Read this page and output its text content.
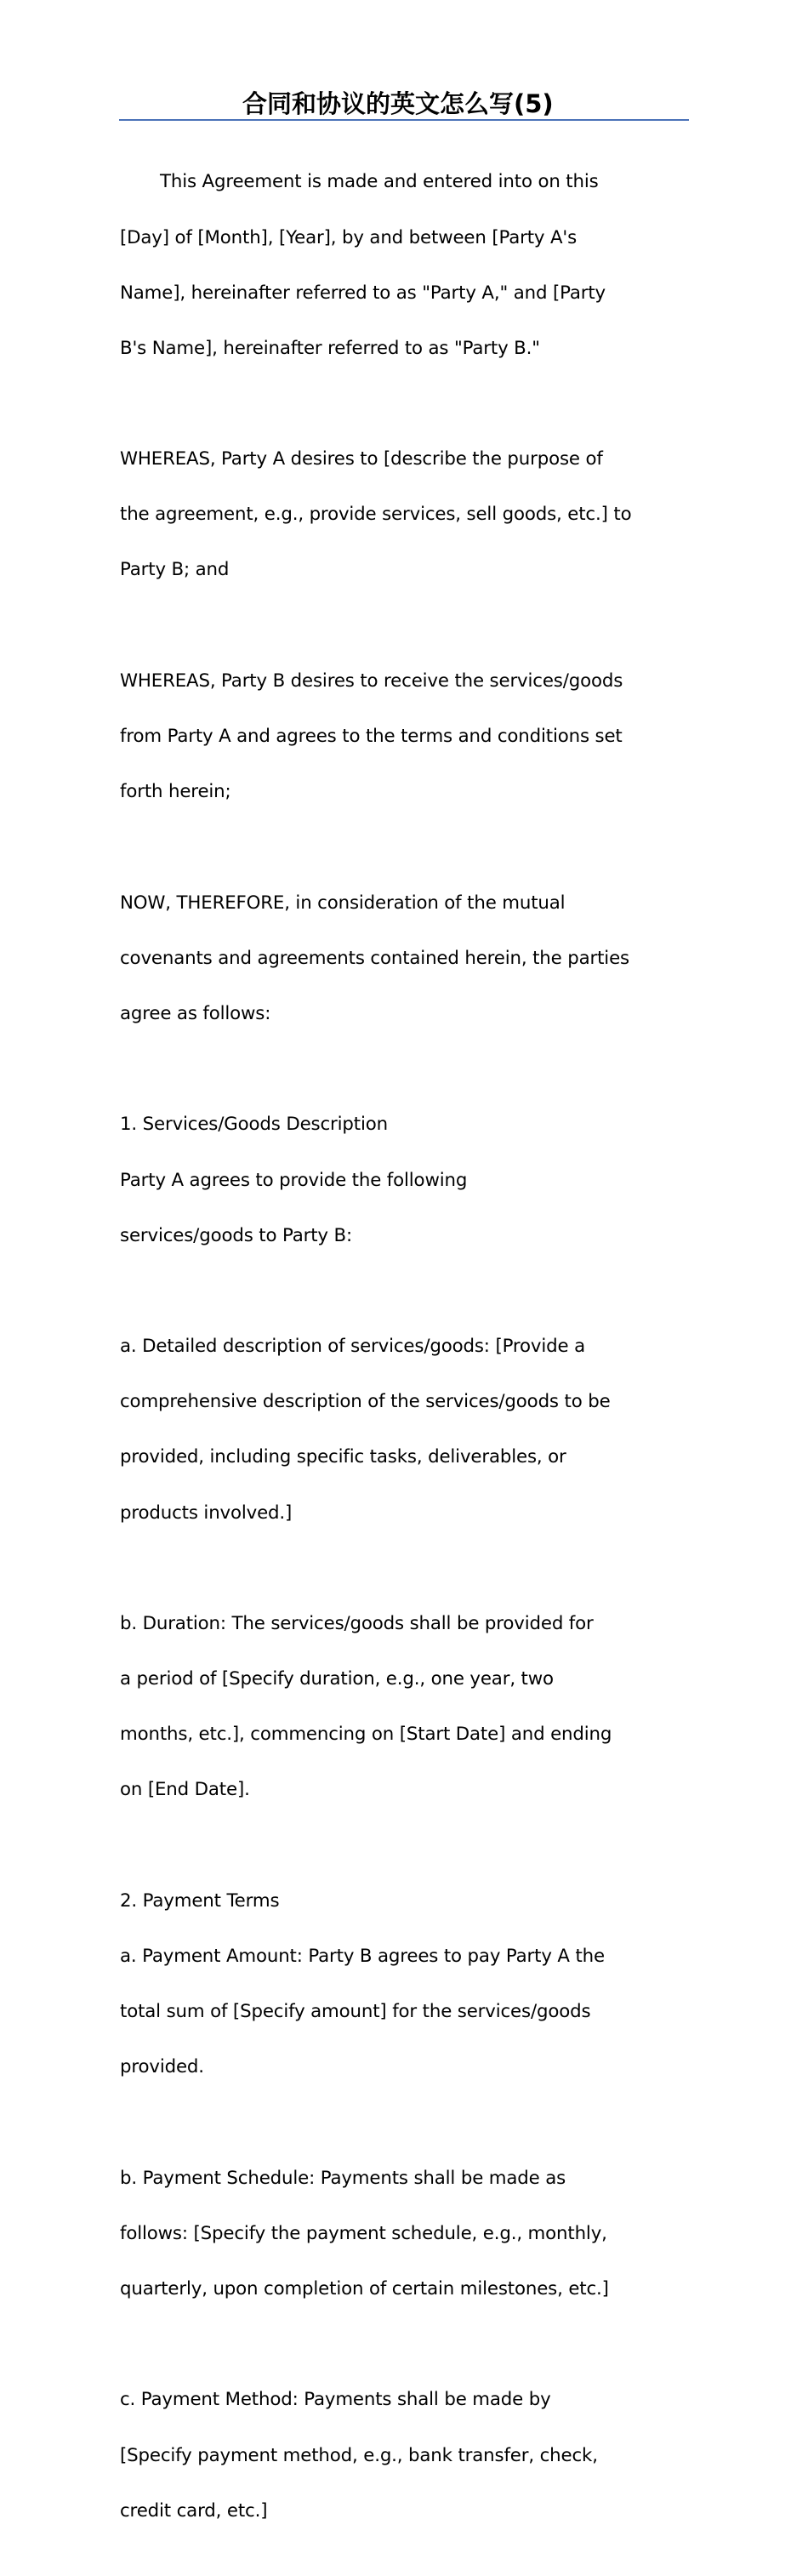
合同和协议的英文怎么写(5)

This Agreement is made and entered into on this

[Day] of [Month], [Year], by and between [Party A's

Name], hereinafter referred to as "Party A," and [Party

B's Name], hereinafter referred to as "Party B."

WHEREAS, Party A desires to [describe the purpose of

the agreement, e.g., provide services, sell goods, etc.] to

Party B; and

WHEREAS, Party B desires to receive the services/goods

from Party A and agrees to the terms and conditions set

forth herein;

NOW, THEREFORE, in consideration of the mutual

covenants and agreements contained herein, the parties

agree as follows:

1. Services/Goods Description

Party A agrees to provide the following

services/goods to Party B:

a. Detailed description of services/goods: [Provide a

comprehensive description of the services/goods to be

provided, including specific tasks, deliverables, or

products involved.]

b. Duration: The services/goods shall be provided for

a period of [Specify duration, e.g., one year, two

months, etc.], commencing on [Start Date] and ending

on [End Date].

2. Payment Terms

a. Payment Amount: Party B agrees to pay Party A the

total sum of [Specify amount] for the services/goods

provided.

b. Payment Schedule: Payments shall be made as

follows: [Specify the payment schedule, e.g., monthly,

quarterly, upon completion of certain milestones, etc.]

c. Payment Method: Payments shall be made by

[Specify payment method, e.g., bank transfer, check,

credit card, etc.]
